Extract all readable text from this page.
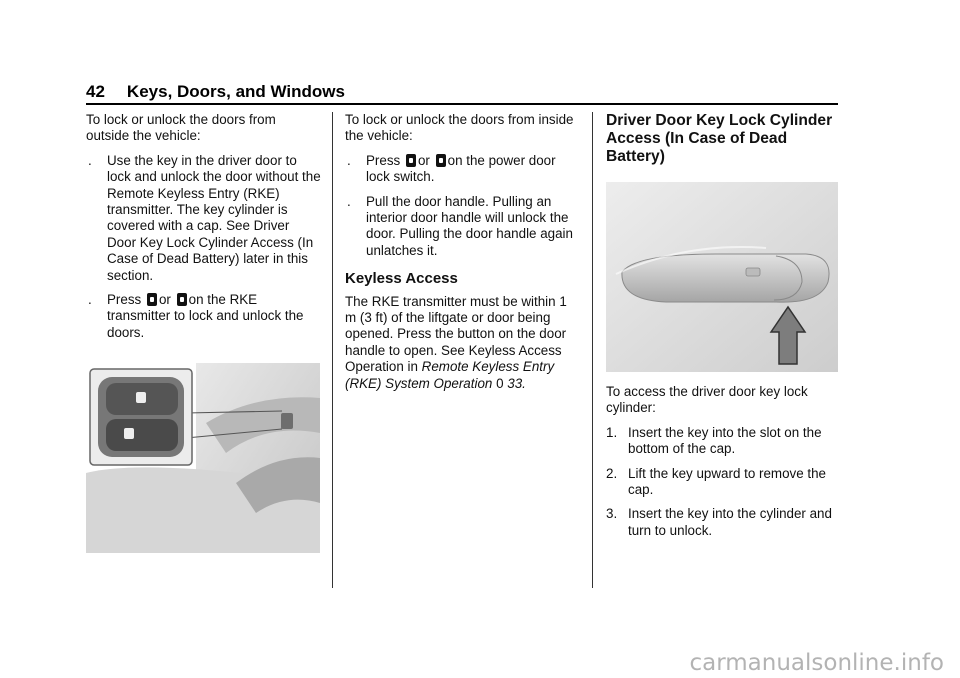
42 Keys, Doors, and Windows

To lock or unlock the doors from outside the vehicle:

. Use the key in the driver door to lock and unlock the door without the Remote Keyless Entry (RKE) transmitter. The key cylinder is covered with a cap. See Driver Door Key Lock Cylinder Access (In Case of Dead Battery) later in this section.
. Press or on the RKE transmitter to lock and unlock the doors.

To lock or unlock the doors from inside the vehicle:

. Press or on the power door lock switch.
. Pull the door handle. Pulling an interior door handle will unlock the door. Pulling the door handle again unlatches it.
Keyless Access

The RKE transmitter must be within 1 m (3 ft) of the liftgate or door being opened. Press the button on the door handle to open. See Keyless Access Operation in Remote Keyless Entry (RKE) System Operation 0 33.

Driver Door Key Lock Cylinder Access (In Case of Dead Battery)

To access the driver door key lock cylinder:

1. Insert the key into the slot on the bottom of the cap.
2. Lift the key upward to remove the cap.
3. Insert the key into the cylinder and turn to unlock.
carmanualsonline.info
